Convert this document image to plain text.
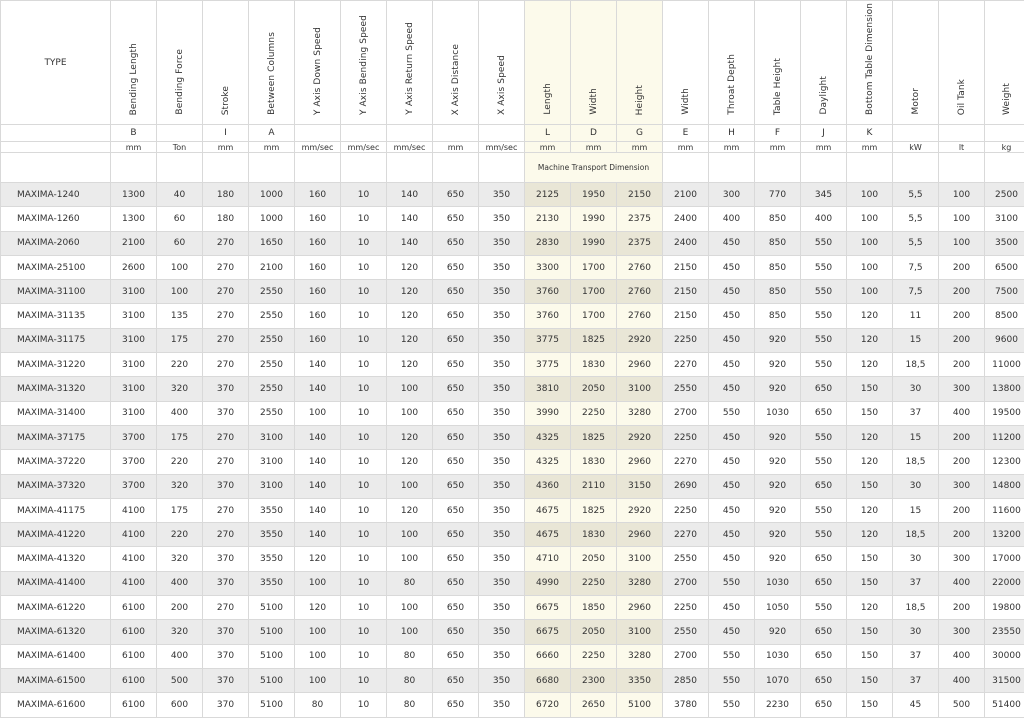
TYPE	Bending Length	Bending Force	Stroke	Between Columns	Y Axis Down Speed	Y Axis Bending Speed	Y Axis Return Speed	X Axis Distance	X Axis Speed	Length	Width	Height	Width	Throat Depth	Table Height	Daylight	Bottom Table Dimension	Motor	Oil Tank	Weight
	B		I	A						L	D	G	E	H	F	J	K			
	mm	Ton	mm	mm	mm/sec	mm/sec	mm/sec	mm	mm/sec	mm	mm	mm	mm	mm	mm	mm	mm	kW	lt	kg
										Machine Transport Dimension										
MAXIMA-1240	1300	40	180	1000	160	10	140	650	350	2125	1950	2150	2100	300	770	345	100	5,5	100	2500
MAXIMA-1260	1300	60	180	1000	160	10	140	650	350	2130	1990	2375	2400	400	850	400	100	5,5	100	3100
MAXIMA-2060	2100	60	270	1650	160	10	140	650	350	2830	1990	2375	2400	450	850	550	100	5,5	100	3500
MAXIMA-25100	2600	100	270	2100	160	10	120	650	350	3300	1700	2760	2150	450	850	550	100	7,5	200	6500
MAXIMA-31100	3100	100	270	2550	160	10	120	650	350	3760	1700	2760	2150	450	850	550	100	7,5	200	7500
MAXIMA-31135	3100	135	270	2550	160	10	120	650	350	3760	1700	2760	2150	450	850	550	120	11	200	8500
MAXIMA-31175	3100	175	270	2550	160	10	120	650	350	3775	1825	2920	2250	450	920	550	120	15	200	9600
MAXIMA-31220	3100	220	270	2550	140	10	120	650	350	3775	1830	2960	2270	450	920	550	120	18,5	200	11000
MAXIMA-31320	3100	320	370	2550	140	10	100	650	350	3810	2050	3100	2550	450	920	650	150	30	300	13800
MAXIMA-31400	3100	400	370	2550	100	10	100	650	350	3990	2250	3280	2700	550	1030	650	150	37	400	19500
MAXIMA-37175	3700	175	270	3100	140	10	120	650	350	4325	1825	2920	2250	450	920	550	120	15	200	11200
MAXIMA-37220	3700	220	270	3100	140	10	120	650	350	4325	1830	2960	2270	450	920	550	120	18,5	200	12300
MAXIMA-37320	3700	320	370	3100	140	10	100	650	350	4360	2110	3150	2690	450	920	650	150	30	300	14800
MAXIMA-41175	4100	175	270	3550	140	10	120	650	350	4675	1825	2920	2250	450	920	550	120	15	200	11600
MAXIMA-41220	4100	220	270	3550	140	10	100	650	350	4675	1830	2960	2270	450	920	550	120	18,5	200	13200
MAXIMA-41320	4100	320	370	3550	120	10	100	650	350	4710	2050	3100	2550	450	920	650	150	30	300	17000
MAXIMA-41400	4100	400	370	3550	100	10	80	650	350	4990	2250	3280	2700	550	1030	650	150	37	400	22000
MAXIMA-61220	6100	200	270	5100	120	10	100	650	350	6675	1850	2960	2250	450	1050	550	120	18,5	200	19800
MAXIMA-61320	6100	320	370	5100	100	10	100	650	350	6675	2050	3100	2550	450	920	650	150	30	300	23550
MAXIMA-61400	6100	400	370	5100	100	10	80	650	350	6660	2250	3280	2700	550	1030	650	150	37	400	30000
MAXIMA-61500	6100	500	370	5100	100	10	80	650	350	6680	2300	3350	2850	550	1070	650	150	37	400	31500
MAXIMA-61600	6100	600	370	5100	80	10	80	650	350	6720	2650	5100	3780	550	2230	650	150	45	500	51400
